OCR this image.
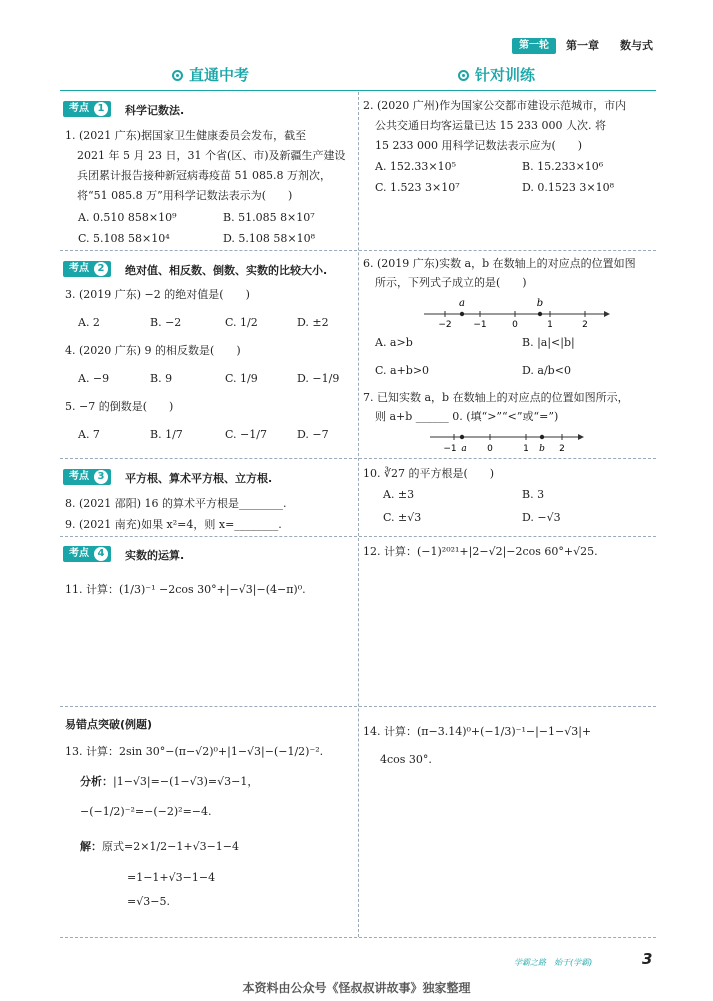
第一轮	第一章 数与式
直通中考	针对训练
考点 1	科学记数法.
1. (2021 广东)据国家卫生健康委员会发布，截至
2021 年 5 月 23 日，31 个省(区、市)及新疆生产建设
兵团累计报告接种新冠病毒疫苗 51 085.8 万剂次，
将“51 085.8 万”用科学记数法表示为(　　)
A. 0.510 858×10⁹	B. 51.085 8×10⁷
C. 5.108 58×10⁴	D. 5.108 58×10⁸
2. (2020 广州)作为国家公交都市建设示范城市，市内
公共交通日均客运量已达 15 233 000 人次. 将
15 233 000 用科学记数法表示应为(　　)
A. 152.33×10⁵	B. 15.233×10⁶
C. 1.523 3×10⁷	D. 0.1523 3×10⁸
考点 2	绝对值、相反数、倒数、实数的比较大小.
3. (2019 广东) −2 的绝对值是(　　)
A. 2	B. −2	C. 1/2	D. ±2
4. (2020 广东) 9 的相反数是(　　)
A. −9	B. 9	C. 1/9	D. −1/9
5. −7 的倒数是(　　)
A. 7	B. 1/7	C. −1/7	D. −7
6. (2019 广东)实数 a，b 在数轴上的对应点的位置如图
所示，下列式子成立的是(　　)
a	b
−2 −1	0	1	2
A. a>b	B. |a|<|b|
C. a+b>0	D. a/b<0
7. 已知实数 a，b 在数轴上的对应点的位置如图所示，
则 a+b ______ 0. (填“>”“<”或“=”)
−1 a 0	1 b 2
考点 3	平方根、算术平方根、立方根.
8. (2021 邵阳) 16 的算术平方根是________.
9. (2021 南充)如果 x²=4，则 x=________.
10. ∛27 的平方根是(　　)
A. ±3	B. 3
C. ±√3	D. −√3
考点 4	实数的运算.
11. 计算：(1/3)⁻¹ −2cos 30°+|−√3|−(4−π)⁰.
12. 计算：(−1)²⁰²¹+|2−√2|−2cos 60°+√25.
易错点突破(例题)
13. 计算：2sin 30°−(π−√2)⁰+|1−√3|−(−1/2)⁻².
分析：|1−√3|=−(1−√3)=√3−1，
−(−1/2)⁻²=−(−2)²=−4.
解：原式=2×1/2−1+√3−1−4
=1−1+√3−1−4
=√3−5.
14. 计算：(π−3.14)⁰+(−1/3)⁻¹−|−1−√3|+
4cos 30°.
学霸之路　始于(学霸)	3
本资料由公众号《怪叔叔讲故事》独家整理
